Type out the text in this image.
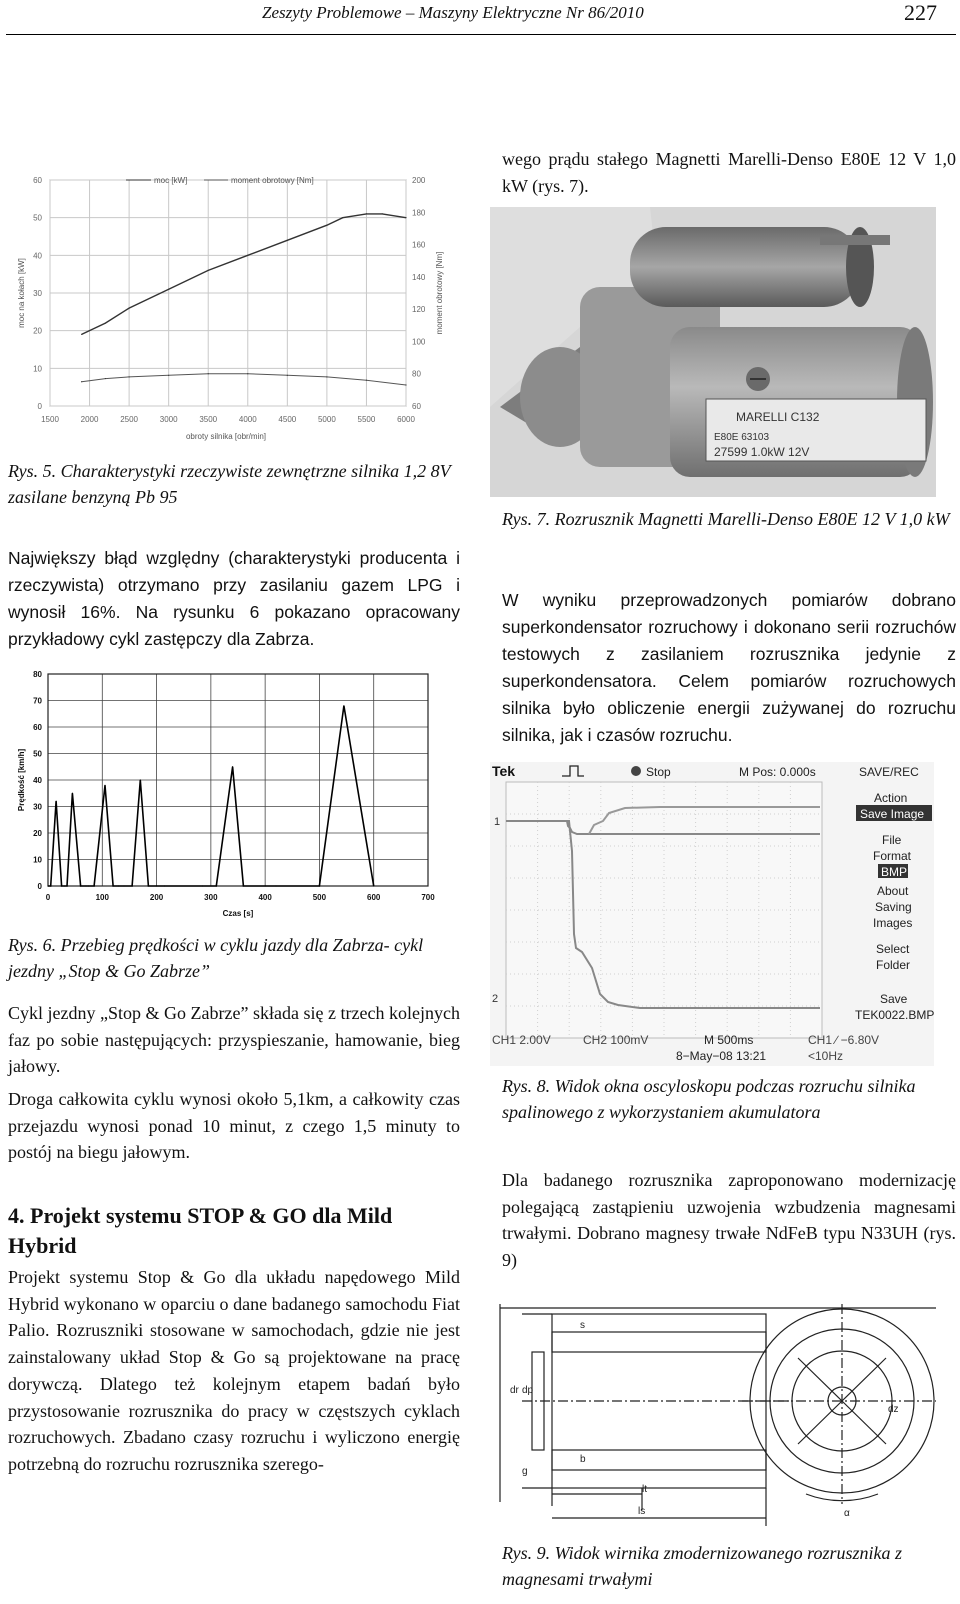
Zeszyty Problemowe – Maszyny Elektryczne Nr 86/2010	227
1500	2000	2500	3000	3500	4000	4500	5000	5500	6000
0
10
20
30
40
50
60
60
80
100
120
140
160
180
200
moc [kW]	moment obrotowy [Nm]
obroty silnika [obr/min]
moc na kołach [kW]	moment obrotowy [Nm]

Rys. 5. Charakterystyki rzeczywiste zewnętrzne silnika 1,2 8V zasilane benzyną Pb 95

Największy błąd względny (charakterystyki producenta i rzeczywista) otrzymano przy zasilaniu gazem LPG i wynosił 16%. Na rysunku 6 pokazano opracowany przykładowy cykl zastępczy dla Zabrza.

0
10
20
30
40
50
60
70
80
0	100	200	300	400	500	600	700
Czas [s]
Prędkość [km/h]

Rys. 6. Przebieg prędkości w cyklu jazdy dla Zabrza- cykl jezdny „Stop & Go Zabrze”

Cykl jezdny „Stop & Go Zabrze” składa się z trzech kolejnych faz po sobie następujących: przyspieszanie, hamowanie, bieg jałowy.

Droga całkowita cyklu wynosi około 5,1km, a całkowity czas przejazdu wynosi ponad 10 minut, z czego 1,5 minuty to postój na biegu jałowym.

4. Projekt systemu STOP & GO dla Mild Hybrid

Projekt systemu Stop & Go dla układu napędowego Mild Hybrid wykonano w oparciu o dane badanego samochodu Fiat Palio. Rozruszniki stosowane w samochodach, gdzie nie jest zainstalowany układ Stop & Go są projektowane na pracę dorywczą. Dlatego też kolejnym etapem badań było przystosowanie rozrusznika do pracy w częstszych cyklach rozruchowych. Zbadano czasy rozruchu i wyliczono energię potrzebną do rozruchu rozrusznika szerego-

wego prądu stałego Magnetti Marelli-Denso E80E 12 V 1,0 kW (rys. 7).

MARELLI C132
E80E 63103
27599 1.0kW 12V

Rys. 7. Rozrusznik Magnetti Marelli-Denso E80E 12 V 1,0 kW

W wyniku przeprowadzonych pomiarów dobrano superkondensator rozruchowy i dokonano serii rozruchów testowych z zasilaniem rozrusznika jedynie z superkondensatora. Celem pomiarów rozruchowych silnika było obliczenie energii zużywanej do rozruchu silnika, jak i czasów rozruchu.

Tek	Stop	M Pos: 0.000s	SAVE/REC
1
2
Action
Save Image
File
Format
BMP
About
Saving
Images
Select
Folder
Save
TEK0022.BMP
CH1 2.00V	CH2 100mV	M 500ms	CH1 ∕ −6.80V
8−May−08 13:21	<10Hz

Rys. 8. Widok okna oscyloskopu podczas rozruchu silnika spalinowego z wykorzystaniem akumulatora

Dla badanego rozrusznika zaproponowano modernizację polegającą zastąpieniu uzwojenia wzbudzenia magnesami trwałymi. Dobrano magnesy trwałe NdFeB typu N33UH (rys. 9)

dr dp
s
b
g
lt
ls
dz
α

Rys. 9. Widok wirnika zmodernizowanego rozrusznika z magnesami trwałymi
